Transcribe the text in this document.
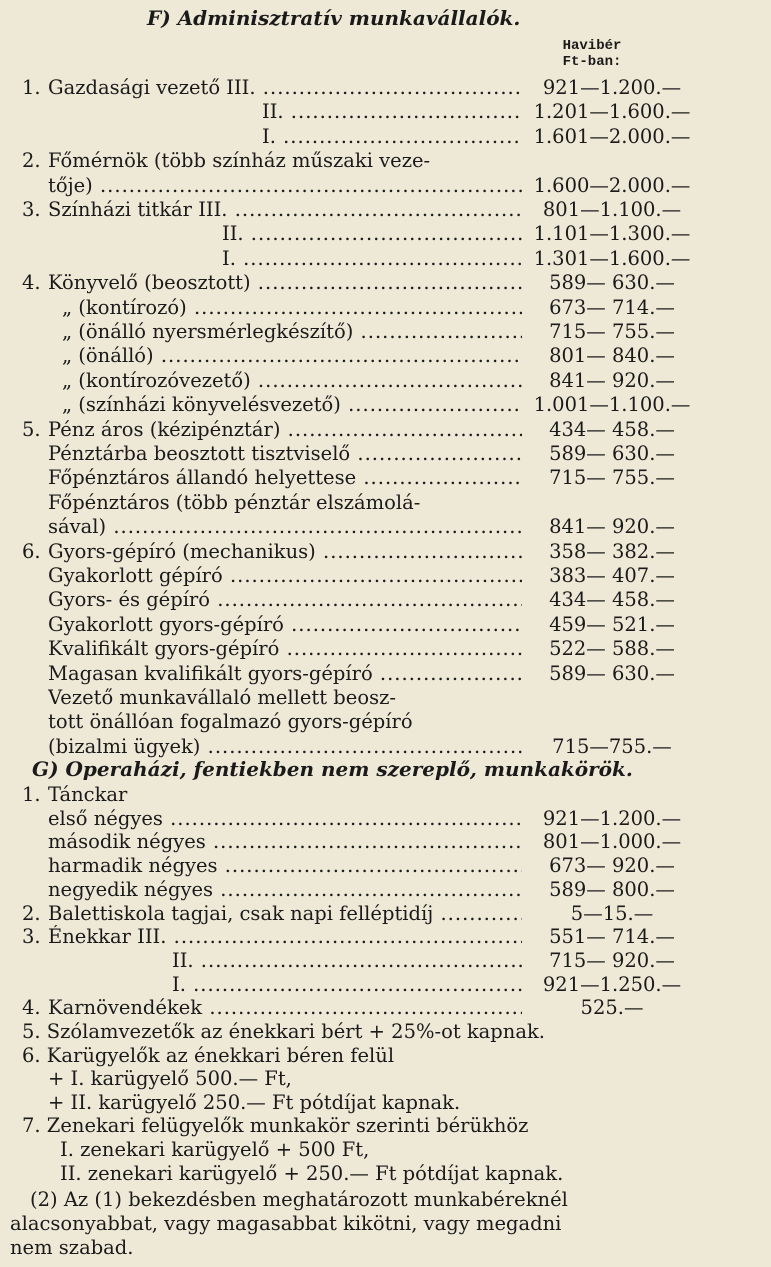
F) Adminisztratív munkavállalók.
Havibér
Ft-ban:
1. Gazdasági vezető III. .....	921—1.200.—
II. .....	1.201—1.600.—
I. .....	1.601—2.000.—
2. Főmérnök (több színház műszaki veze-
tője) .....	1.600—2.000.—
3. Színházi titkár III. .....	801—1.100.—
II. .....	1.101—1.300.—
I. .....	1.301—1.600.—
4. Könyvelő (beosztott) .....	589— 630.—
„ (kontírozó) .....	673— 714.—
„ (önálló nyersmérlegkészítő) .....	715— 755.—
„ (önálló) .....	801— 840.—
„ (kontírozóvezető) .....	841— 920.—
„ (színházi könyvelésvezető) .....	1.001—1.100.—
5. Pénz áros (kézipénztár) .....	434— 458.—
Pénztárba beosztott tisztviselő .....	589— 630.—
Főpénztáros állandó helyettese .....	715— 755.—
Főpénztáros (több pénztár elszámolá-
sával) .....	841— 920.—
6. Gyors-gépíró (mechanikus) .....	358— 382.—
Gyakorlott gépíró .....	383— 407.—
Gyors- és gépíró .....	434— 458.—
Gyakorlott gyors-gépíró .....	459— 521.—
Kvalifikált gyors-gépíró .....	522— 588.—
Magasan kvalifikált gyors-gépíró .....	589— 630.—
Vezető munkavállaló mellett beosz-
tott önállóan fogalmazó gyors-gépíró
(bizalmi ügyek) .....	715—755.—
G) Operaházi, fentiekben nem szereplő, munkakörök.
1. Tánckar
első négyes .....	921—1.200.—
második négyes .....	801—1.000.—
harmadik négyes .....	673— 920.—
negyedik négyes .....	589— 800.—
2. Balettiskola tagjai, csak napi felléptidíj .....	5—15.—
3. Énekkar III. .....	551— 714.—
II. .....	715— 920.—
I. .....	921—1.250.—
4. Karnövendékek .....	525.—
5. Szólamvezetők az énekkari bért + 25%-ot kapnak.
6. Karügyelők az énekkari béren felül
+ I. karügyelő 500.— Ft,
+ II. karügyelő 250.— Ft pótdíjat kapnak.
7. Zenekari felügyelők munkakör szerinti bérükhöz
I. zenekari karügyelő + 500 Ft,
II. zenekari karügyelő + 250.— Ft pótdíjat kapnak.
(2) Az (1) bekezdésben meghatározott munkabéreknél
alacsonyabbat, vagy magasabbat kikötni, vagy megadni
nem szabad.
